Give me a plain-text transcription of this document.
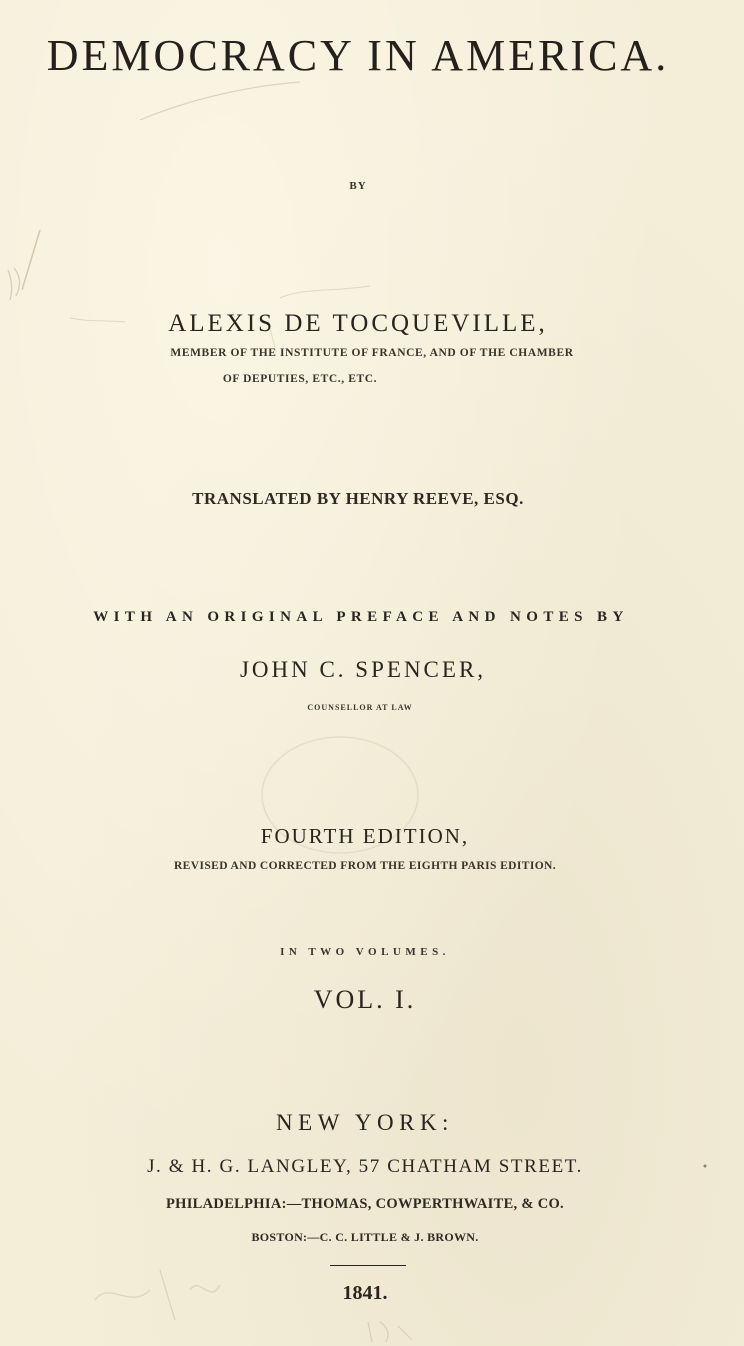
DEMOCRACY IN AMERICA.
BY
ALEXIS DE TOCQUEVILLE,
MEMBER OF THE INSTITUTE OF FRANCE, AND OF THE CHAMBER
OF DEPUTIES, ETC., ETC.
TRANSLATED BY HENRY REEVE, ESQ.
WITH AN ORIGINAL PREFACE AND NOTES BY
JOHN C. SPENCER,
COUNSELLOR AT LAW
FOURTH EDITION,
REVISED AND CORRECTED FROM THE EIGHTH PARIS EDITION.
IN TWO VOLUMES.
VOL. I.
NEW YORK:
J. & H. G. LANGLEY, 57 CHATHAM STREET.
PHILADELPHIA:—THOMAS, COWPERTHWAITE, & CO.
BOSTON:—C. C. LITTLE & J. BROWN.
1841.
